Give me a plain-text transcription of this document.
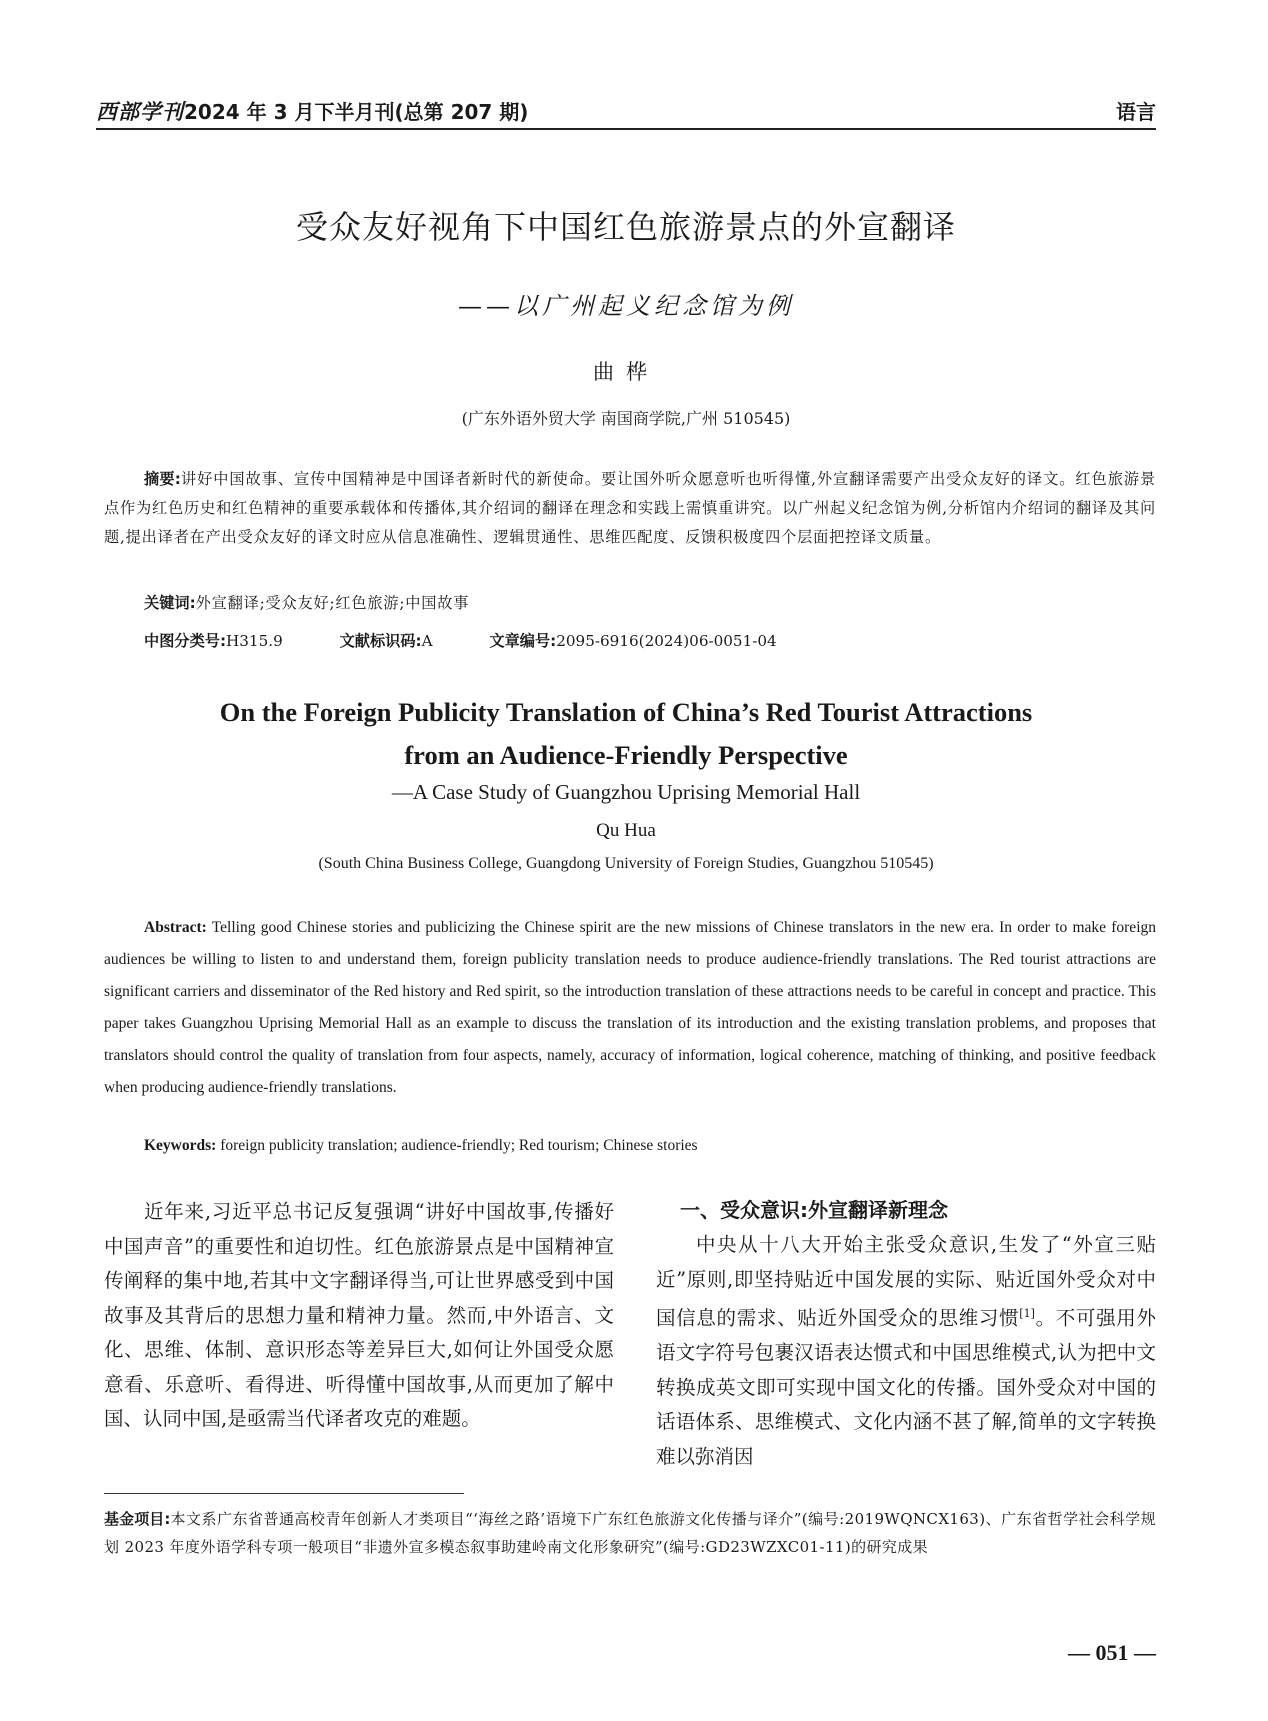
西部学刊2024 年 3 月下半月刊(总第 207 期)	语言
受众友好视角下中国红色旅游景点的外宣翻译
——以广州起义纪念馆为例
曲桦
(广东外语外贸大学 南国商学院,广州 510545)
摘要:讲好中国故事、宣传中国精神是中国译者新时代的新使命。要让国外听众愿意听也听得懂,外宣翻译需要产出受众友好的译文。红色旅游景点作为红色历史和红色精神的重要承载体和传播体,其介绍词的翻译在理念和实践上需慎重讲究。以广州起义纪念馆为例,分析馆内介绍词的翻译及其问题,提出译者在产出受众友好的译文时应从信息准确性、逻辑贯通性、思维匹配度、反馈积极度四个层面把控译文质量。
关键词:外宣翻译;受众友好;红色旅游;中国故事
中图分类号:H315.9	文献标识码:A	文章编号:2095-6916(2024)06-0051-04
On the Foreign Publicity Translation of China’s Red Tourist Attractions
from an Audience-Friendly Perspective
—A Case Study of Guangzhou Uprising Memorial Hall
Qu Hua
(South China Business College, Guangdong University of Foreign Studies, Guangzhou 510545)
Abstract: Telling good Chinese stories and publicizing the Chinese spirit are the new missions of Chinese translators in the new era. In order to make foreign audiences be willing to listen to and understand them, foreign publicity translation needs to produce audience-friendly translations. The Red tourist attractions are significant carriers and disseminator of the Red history and Red spirit, so the introduction translation of these attractions needs to be careful in concept and practice. This paper takes Guangzhou Uprising Memorial Hall as an example to discuss the translation of its introduction and the existing translation problems, and proposes that translators should control the quality of translation from four aspects, namely, accuracy of information, logical coherence, matching of thinking, and positive feedback when producing audience-friendly translations.
Keywords: foreign publicity translation; audience-friendly; Red tourism; Chinese stories

近年来,习近平总书记反复强调“讲好中国故事,传播好中国声音”的重要性和迫切性。红色旅游景点是中国精神宣传阐释的集中地,若其中文字翻译得当,可让世界感受到中国故事及其背后的思想力量和精神力量。然而,中外语言、文化、思维、体制、意识形态等差异巨大,如何让外国受众愿意看、乐意听、看得进、听得懂中国故事,从而更加了解中国、认同中国,是亟需当代译者攻克的难题。

一、受众意识:外宣翻译新理念

中央从十八大开始主张受众意识,生发了“外宣三贴近”原则,即坚持贴近中国发展的实际、贴近国外受众对中国信息的需求、贴近外国受众的思维习惯[1]。不可强用外语文字符号包裹汉语表达惯式和中国思维模式,认为把中文转换成英文即可实现中国文化的传播。国外受众对中国的话语体系、思维模式、文化内涵不甚了解,简单的文字转换难以弥消因

基金项目:本文系广东省普通高校青年创新人才类项目“‘海丝之路’语境下广东红色旅游文化传播与译介”(编号:2019WQNCX163)、广东省哲学社会科学规划 2023 年度外语学科专项一般项目“非遗外宣多模态叙事助建岭南文化形象研究”(编号:GD23WZXC01-11)的研究成果
— 051 —
